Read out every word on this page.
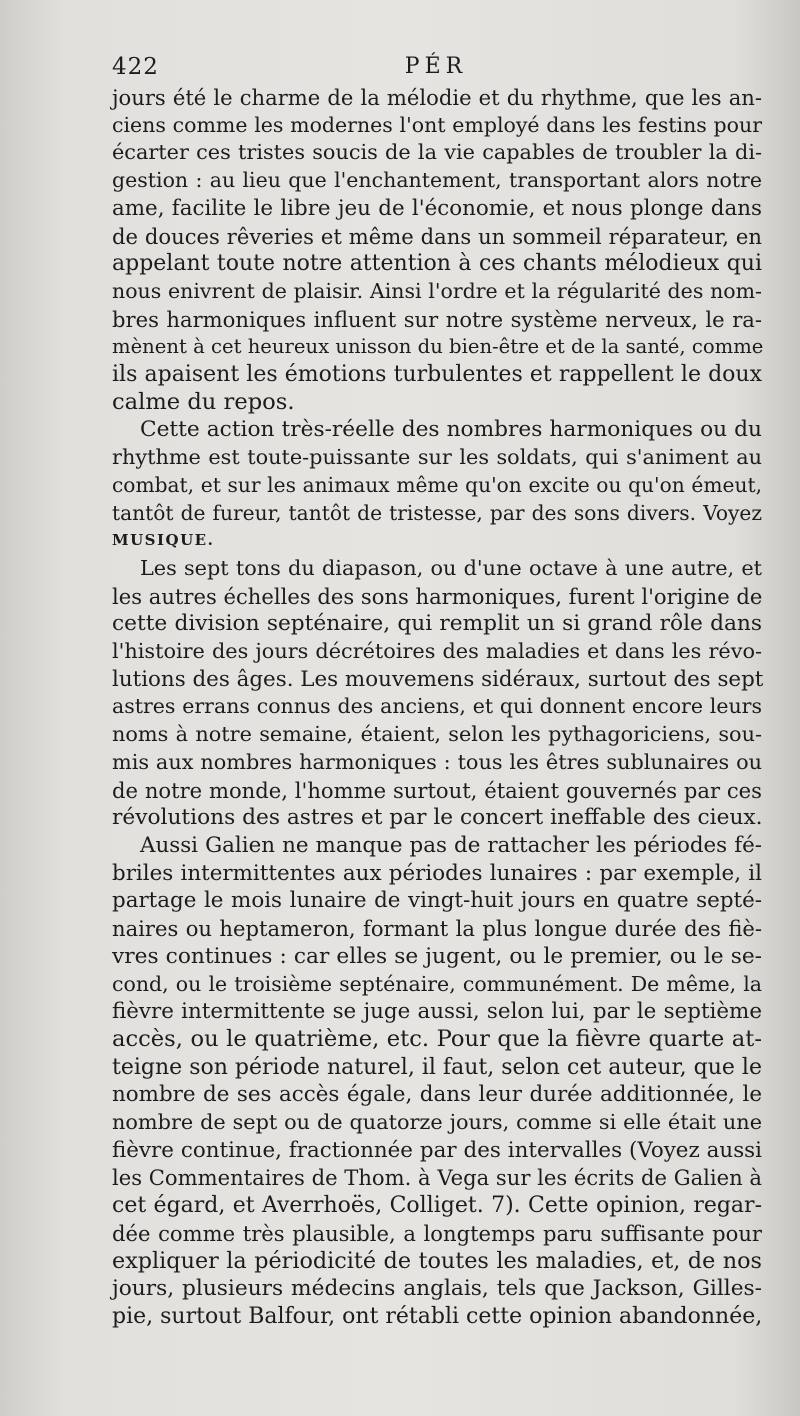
422	PÉR

jours été le charme de la mélodie et du rhythme, que les an-
ciens comme les modernes l'ont employé dans les festins pour
écarter ces tristes soucis de la vie capables de troubler la di-
gestion : au lieu que l'enchantement, transportant alors notre
ame, facilite le libre jeu de l'économie, et nous plonge dans
de douces rêveries et même dans un sommeil réparateur, en
appelant toute notre attention à ces chants mélodieux qui
nous enivrent de plaisir. Ainsi l'ordre et la régularité des nom-
bres harmoniques influent sur notre système nerveux, le ra-
mènent à cet heureux unisson du bien-être et de la santé, comme
ils apaisent les émotions turbulentes et rappellent le doux
calme du repos.

Cette action très-réelle des nombres harmoniques ou du
rhythme est toute-puissante sur les soldats, qui s'animent au
combat, et sur les animaux même qu'on excite ou qu'on émeut,
tantôt de fureur, tantôt de tristesse, par des sons divers. Voyez
MUSIQUE.

Les sept tons du diapason, ou d'une octave à une autre, et
les autres échelles des sons harmoniques, furent l'origine de
cette division septénaire, qui remplit un si grand rôle dans
l'histoire des jours décrétoires des maladies et dans les révo-
lutions des âges. Les mouvemens sidéraux, surtout des sept
astres errans connus des anciens, et qui donnent encore leurs
noms à notre semaine, étaient, selon les pythagoriciens, sou-
mis aux nombres harmoniques : tous les êtres sublunaires ou
de notre monde, l'homme surtout, étaient gouvernés par ces
révolutions des astres et par le concert ineffable des cieux.

Aussi Galien ne manque pas de rattacher les périodes fé-
briles intermittentes aux périodes lunaires : par exemple, il
partage le mois lunaire de vingt-huit jours en quatre septé-
naires ou heptameron, formant la plus longue durée des fiè-
vres continues : car elles se jugent, ou le premier, ou le se-
cond, ou le troisième septénaire, communément. De même, la
fièvre intermittente se juge aussi, selon lui, par le septième
accès, ou le quatrième, etc. Pour que la fièvre quarte at-
teigne son période naturel, il faut, selon cet auteur, que le
nombre de ses accès égale, dans leur durée additionnée, le
nombre de sept ou de quatorze jours, comme si elle était une
fièvre continue, fractionnée par des intervalles (Voyez aussi
les Commentaires de Thom. à Vega sur les écrits de Galien à
cet égard, et Averrhoës, Colliget. 7). Cette opinion, regar-
dée comme très plausible, a longtemps paru suffisante pour
expliquer la périodicité de toutes les maladies, et, de nos
jours, plusieurs médecins anglais, tels que Jackson, Gilles-
pie, surtout Balfour, ont rétabli cette opinion abandonnée,
